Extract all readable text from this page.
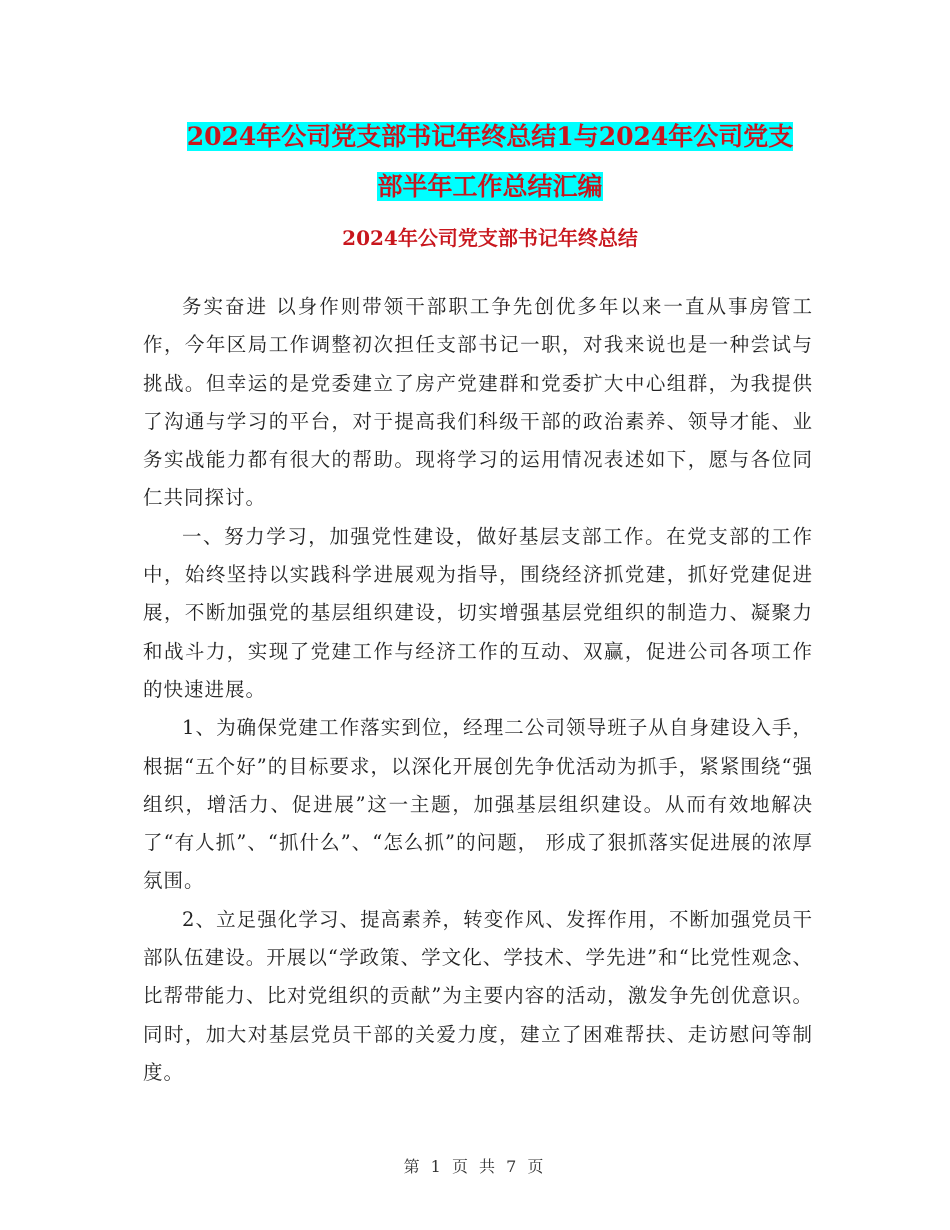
2024年公司党支部书记年终总结1与2024年公司党支
部半年工作总结汇编
2024年公司党支部书记年终总结

务实奋进 以身作则带领干部职工争先创优多年以来一直从事房管工作，今年区局工作调整初次担任支部书记一职，对我来说也是一种尝试与挑战。但幸运的是党委建立了房产党建群和党委扩大中心组群，为我提供了沟通与学习的平台，对于提高我们科级干部的政治素养、领导才能、业务实战能力都有很大的帮助。现将学习的运用情况表述如下，愿与各位同仁共同探讨。

一、努力学习，加强党性建设，做好基层支部工作。在党支部的工作中，始终坚持以实践科学进展观为指导，围绕经济抓党建，抓好党建促进展，不断加强党的基层组织建设，切实增强基层党组织的制造力、凝聚力和战斗力，实现了党建工作与经济工作的互动、双赢，促进公司各项工作的快速进展。

1、为确保党建工作落实到位，经理二公司领导班子从自身建设入手， 根据“五个好”的目标要求，以深化开展创先争优活动为抓手，紧紧围绕“强组织，增活力、促进展”这一主题，加强基层组织建设。从而有效地解决了“有人抓”、“抓什么”、“怎么抓”的问题， 形成了狠抓落实促进展的浓厚氛围。

2、立足强化学习、提高素养，转变作风、发挥作用，不断加强党员干部队伍建设。开展以“学政策、学文化、学技术、学先进”和“比党性观念、比帮带能力、比对党组织的贡献”为主要内容的活动，激发争先创优意识。同时，加大对基层党员干部的关爱力度，建立了困难帮扶、走访慰问等制度。

第 1 页 共 7 页
